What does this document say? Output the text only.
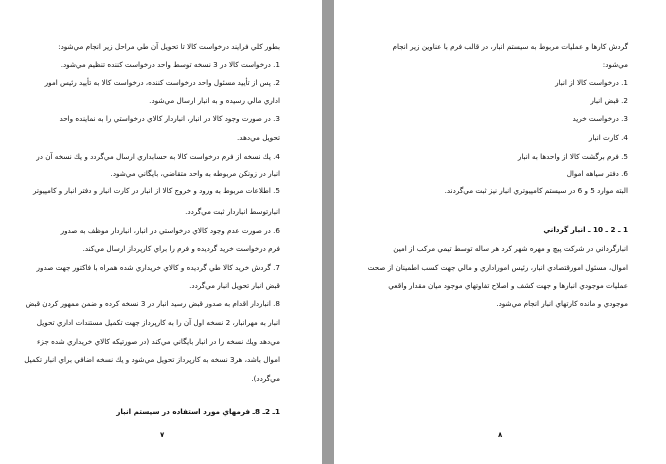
بطور كلي فرايند درخواست كالا تا تحويل آن طي مراحل زير انجام مي‌شود:
1. درخواست كالا در 3 نسخه توسط واحد درخواست كننده تنظيم مي‌شود.
2. پس از تأييد مسئول واحد درخواست كننده، درخواست كالا به تأييد رئيس امور
اداري مالي رسيده و به انبار ارسال مي‌شود.
3. در صورت وجود كالا در انبار، انباردار كالاي درخواستي را به نماينده واحد
تحويل مي‌دهد.
4. يك نسخه از فرم درخواست كالا به حسابداري ارسال مي‌گردد و يك نسخه آن در
انبار در زونكن مربوطه به واحد متقاضي، بايگاني مي‌شود.
5. اطلاعات مربوط به ورود و خروج كالا از انبار در كارت انبار و دفتر انبار و كامپيوتر
انبارتوسط انباردار ثبت مي‌گردد.
6. در صورت عدم وجود كالاي درخواستي در انبار، انباردار موظف به صدور
فرم درخواست خريد گرديده و فرم را براي كارپرداز ارسال مي‌كند.
7. گردش خريد كالا طي گرديده و كالاي خريداري شده همراه با فاكتور جهت صدور
قبض انبار تحويل انبار مي‌گردد.
8. انباردار اقدام به صدور قبض رسيد انبار در 3 نسخه كرده و ضمن ممهور كردن قبض
انبار به مهرانبار، 2 نسخه اول آن را به كارپرداز جهت تكميل مستندات اداري تحويل
مي‌دهد ويك نسخه را در انبار بايگاني مي‌كند (در صورتيكه كالاي خريداري شده جزء
اموال باشد، هر3 نسخه به كارپرداز تحويل مي‌شود و يك نسخه اضافي براي انبار تكميل
مي‌گردد).
1ـ 2ـ 8ـ فرمهاي مورد استفاده در سيستم انبار
۷
گردش كارها و عمليات مربوط به سيستم انبار، در قالب فرم با عناوين زير انجام
مي‌شود:
1. درخواست كالا از انبار
2. قبض انبار
3. درخواست خريد
4. كارت انبار
5. فرم برگشت كالا از واحدها به انبار
6. دفتر سياهه اموال
البته موارد 5 و 6 در سيستم كامپيوتري انبار نيز ثبت مي‌گردند.
1 ـ 2 ـ 10 ـ انبار گرداني
انبارگرداني در شركت پيچ و مهره شهر كرد هر ساله توسط تيمي مركب از امين
اموال، مسئول امورقتصادي انبار، رئيس اموراداري و مالي جهت كسب اطمينان از صحت
عمليات موجودي انبارها و جهت كشف و اصلاح تفاوتهاي موجود ميان مقدار واقعي
موجودي و مانده كارتهاي انبار انجام مي‌شود.
۸
